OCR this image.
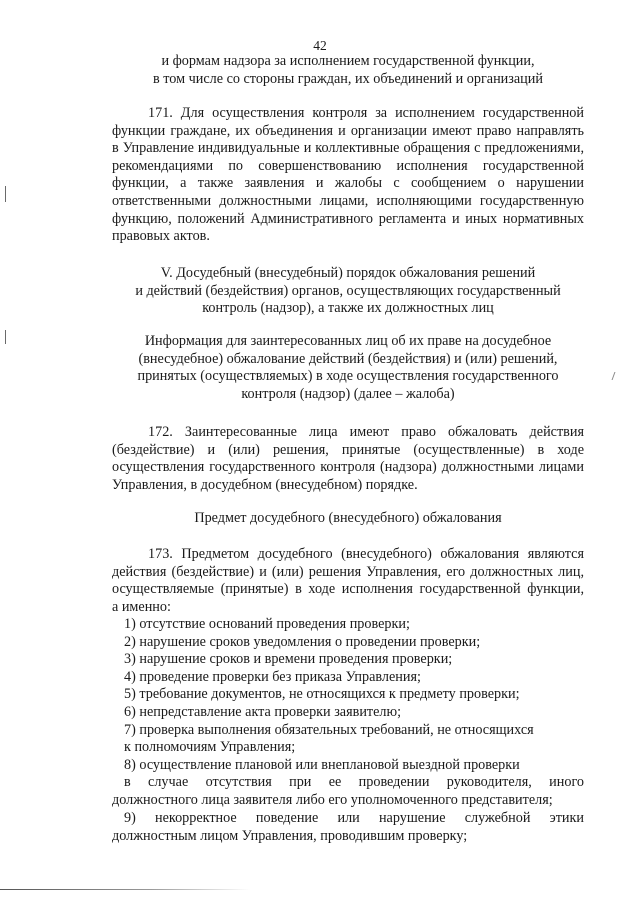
42
и формам надзора за исполнением государственной функции,
в том числе со стороны граждан, их объединений и организаций
171. Для осуществления контроля за исполнением государственной
функции граждане, их объединения и организации имеют право направлять
в Управление индивидуальные и коллективные обращения с предложениями,
рекомендациями по совершенствованию исполнения государственной
функции, а также заявления и жалобы с сообщением о нарушении
ответственными должностными лицами, исполняющими государственную
функцию, положений Административного регламента и иных нормативных
правовых актов.
V. Досудебный (внесудебный) порядок обжалования решений
и действий (бездействия) органов, осуществляющих государственный
контроль (надзор), а также их должностных лиц
Информация для заинтересованных лиц об их праве на досудебное
(внесудебное) обжалование действий (бездействия) и (или) решений,
принятых (осуществляемых) в ходе осуществления государственного
контроля (надзор) (далее – жалоба)
172. Заинтересованные лица имеют право обжаловать действия
(бездействие) и (или) решения, принятые (осуществленные) в ходе
осуществления государственного контроля (надзора) должностными лицами
Управления, в досудебном (внесудебном) порядке.
Предмет досудебного (внесудебного) обжалования
173. Предметом досудебного (внесудебного) обжалования являются
действия (бездействие) и (или) решения Управления, его должностных лиц,
осуществляемые (принятые) в ходе исполнения государственной функции,
а именно:
1) отсутствие оснований проведения проверки;
2) нарушение сроков уведомления о проведении проверки;
3) нарушение сроков и времени проведения проверки;
4) проведение проверки без приказа Управления;
5) требование документов, не относящихся к предмету проверки;
6) непредставление акта проверки заявителю;
7) проверка выполнения обязательных требований, не относящихся
к полномочиям Управления;
8) осуществление плановой или внеплановой выездной проверки
в случае отсутствия при ее проведении руководителя, иного
должностного лица заявителя либо его уполномоченного представителя;
9) некорректное поведение или нарушение служебной этики
должностным лицом Управления, проводившим проверку;
